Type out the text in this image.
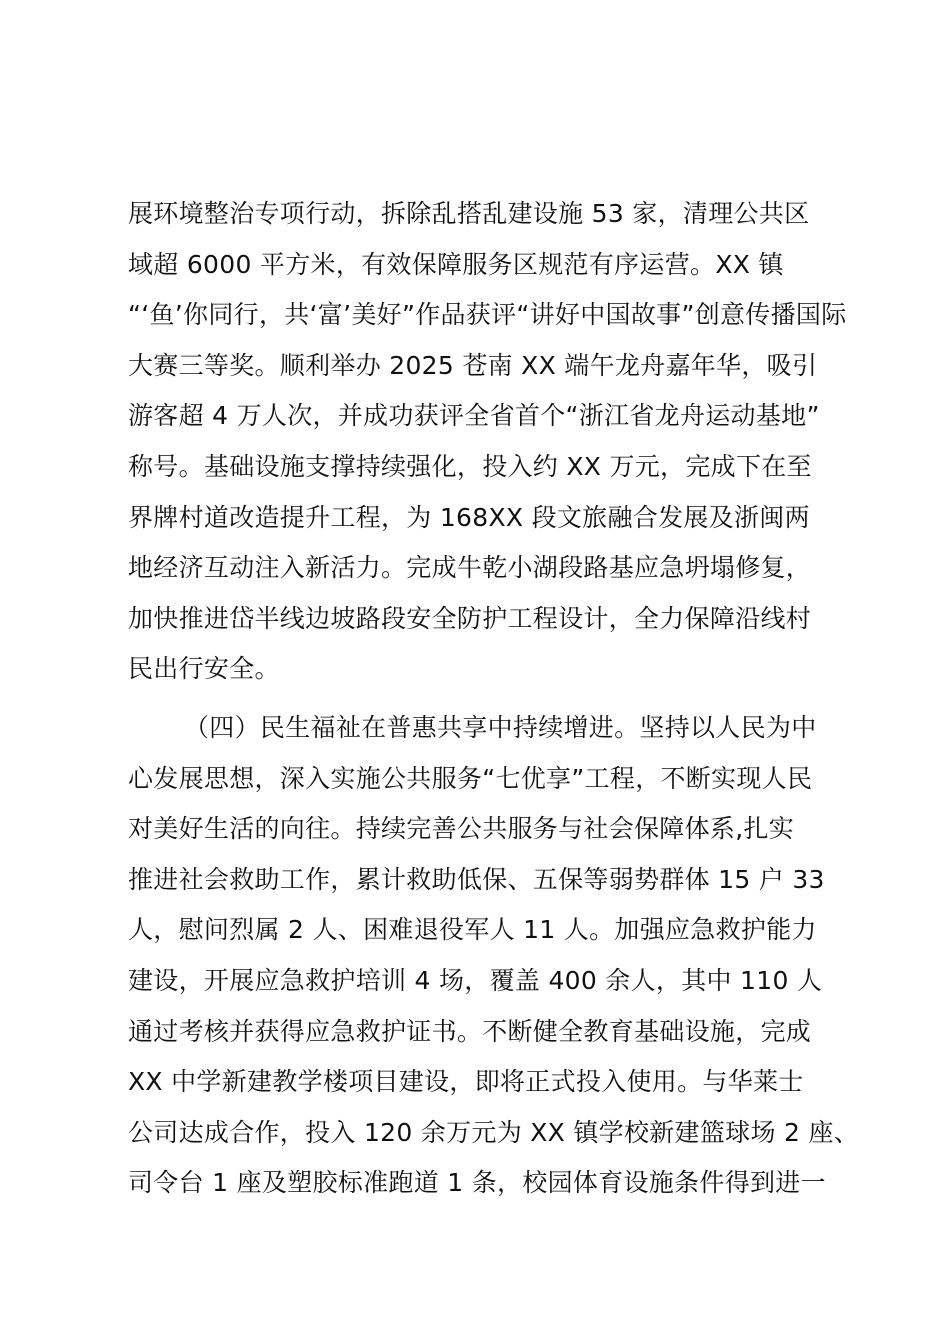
展环境整治专项行动，拆除乱搭乱建设施 53 家，清理公共区
域超 6000 平方米，有效保障服务区规范有序运营。XX 镇
“‘鱼’你同行，共‘富’美好”作品获评“讲好中国故事”创意传播国际
大赛三等奖。顺利举办 2025 苍南 XX 端午龙舟嘉年华，吸引
游客超 4 万人次，并成功获评全省首个“浙江省龙舟运动基地”
称号。基础设施支撑持续强化，投入约 XX 万元，完成下在至
界牌村道改造提升工程，为 168XX 段文旅融合发展及浙闽两
地经济互动注入新活力。完成牛乾小湖段路基应急坍塌修复，
加快推进岱半线边坡路段安全防护工程设计，全力保障沿线村
民出行安全。
（四）民生福祉在普惠共享中持续增进。坚持以人民为中
心发展思想，深入实施公共服务“七优享”工程，不断实现人民
对美好生活的向往。持续完善公共服务与社会保障体系,扎实
推进社会救助工作，累计救助低保、五保等弱势群体 15 户 33
人，慰问烈属 2 人、困难退役军人 11 人。加强应急救护能力
建设，开展应急救护培训 4 场，覆盖 400 余人，其中 110 人
通过考核并获得应急救护证书。不断健全教育基础设施，完成
XX 中学新建教学楼项目建设，即将正式投入使用。与华莱士
公司达成合作，投入 120 余万元为 XX 镇学校新建篮球场 2 座、
司令台 1 座及塑胶标准跑道 1 条，校园体育设施条件得到进一
